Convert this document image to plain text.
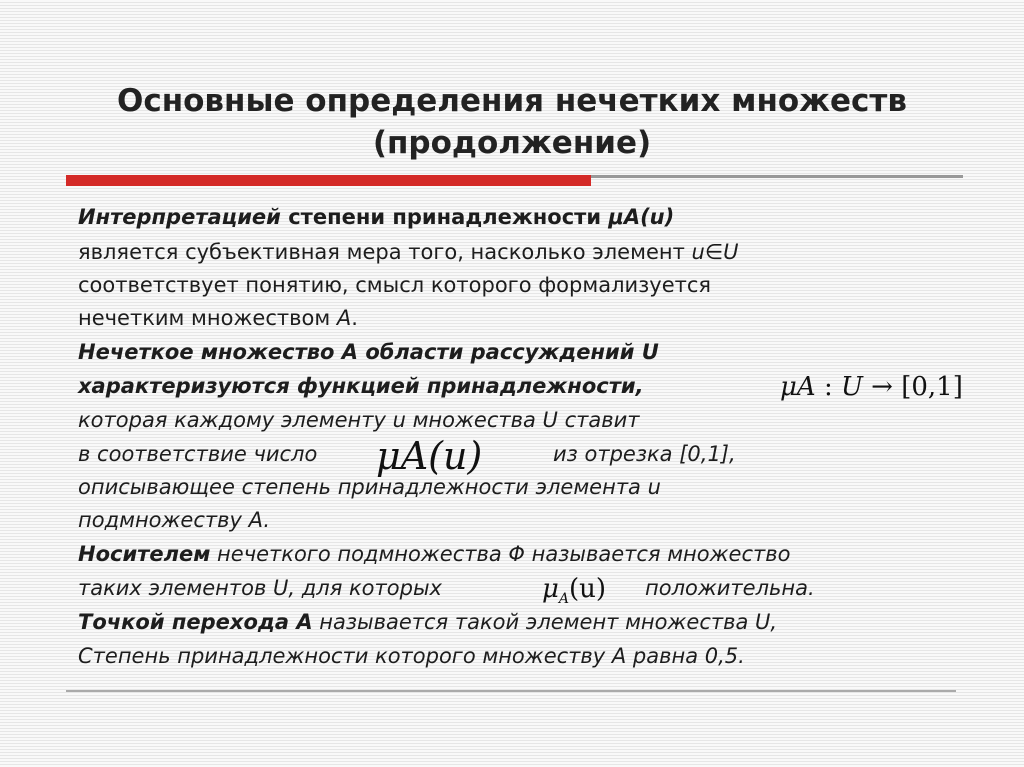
Основные определения нечетких множеств
(продолжение)
Интерпретацией степени принадлежности μA(u)
является субъективная мера того, насколько элемент u∈U
соответствует понятию, смысл которого формализуется
нечетким множеством A.
Нечеткое множество A области рассуждений U
характеризуются функцией принадлежности,
которая каждому элементу u множества U ставит
в соответствие число	из отрезка [0,1],
описывающее степень принадлежности элемента u
подмножеству A.
Носителем нечеткого подмножества Φ называется множество
таких элементов U, для которых	положительна.
Точкой перехода А называется такой элемент множества U,
Степень принадлежности которого множеству A равна 0,5.
μA : U → [0,1]
μA(u)
$\mu_A(u)$
